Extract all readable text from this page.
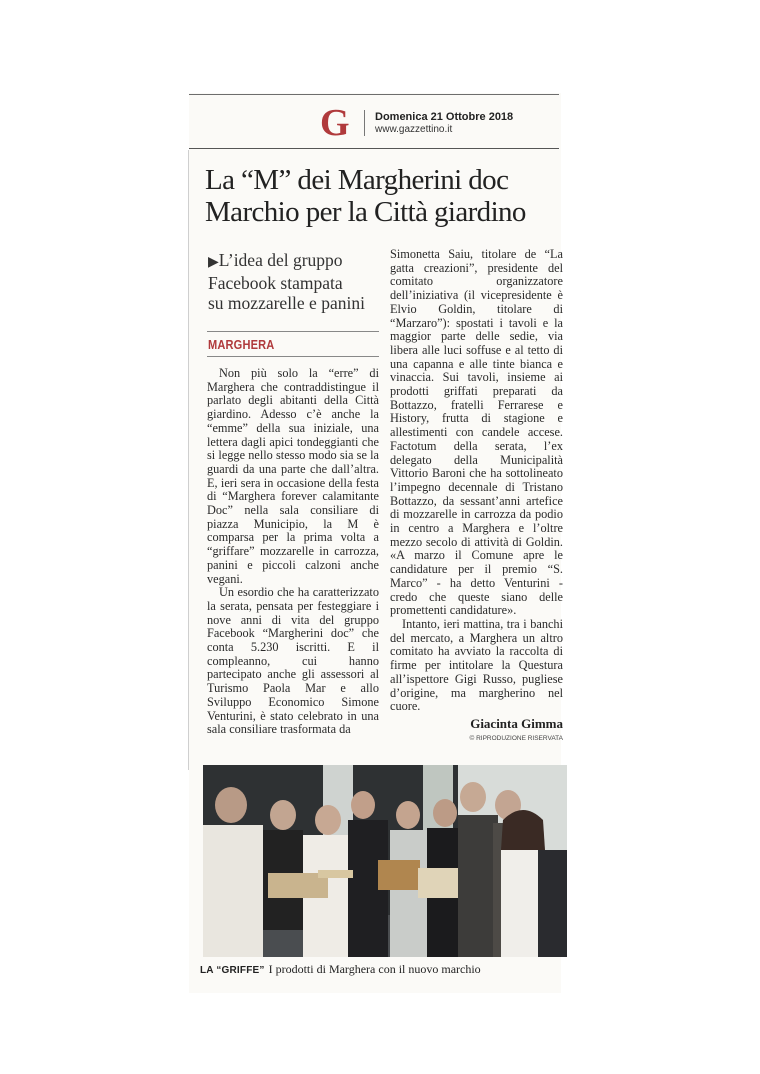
G	Domenica 21 Ottobre 2018
www.gazzettino.it
La “M” dei Margherini doc
Marchio per la Città giardino
▶L’idea del gruppo
Facebook stampata
su mozzarelle e panini
MARGHERA

Non più solo la “erre” di Marghera che contraddistingue il parlato degli abitanti della Città giardino. Adesso c’è anche la “emme” della sua iniziale, una lettera dagli apici tondeggianti che si legge nello stesso modo sia se la guardi da una parte che dall’altra. E, ieri sera in occasione della festa di “Marghera forever calamitante Doc” nella sala consiliare di piazza Municipio, la M è comparsa per la prima volta a “griffare” mozzarelle in carrozza, panini e piccoli calzoni anche vegani.

Un esordio che ha caratterizzato la serata, pensata per festeggiare i nove anni di vita del gruppo Facebook “Margherini doc” che conta 5.230 iscritti. E il compleanno, cui hanno partecipato anche gli assessori al Turismo Paola Mar e allo Sviluppo Economico Simone Venturini, è stato celebrato in una sala consiliare trasformata da

Simonetta Saiu, titolare de “La gatta creazioni”, presidente del comitato organizzatore dell’iniziativa (il vicepresidente è Elvio Goldin, titolare di “Marzaro”): spostati i tavoli e la maggior parte delle sedie, via libera alle luci soffuse e al tetto di una capanna e alle tinte bianca e vinaccia. Sui tavoli, insieme ai prodotti griffati preparati da Bottazzo, fratelli Ferrarese e History, frutta di stagione e allestimenti con candele accese. Factotum della serata, l’ex delegato della Municipalità Vittorio Baroni che ha sottolineato l’impegno decennale di Tristano Bottazzo, da sessant’anni artefice di mozzarelle in carrozza da podio in centro a Marghera e l’oltre mezzo secolo di attività di Goldin. «A marzo il Comune apre le candidature per il premio “S. Marco” - ha detto Venturini - credo che queste siano delle promettenti candidature».

Intanto, ieri mattina, tra i banchi del mercato, a Marghera un altro comitato ha avviato la raccolta di firme per intitolare la Questura all’ispettore Gigi Russo, pugliese d’origine, ma margherino nel cuore.

Giacinta Gimma
© RIPRODUZIONE RISERVATA
LA “GRIFFE” I prodotti di Marghera con il nuovo marchio
